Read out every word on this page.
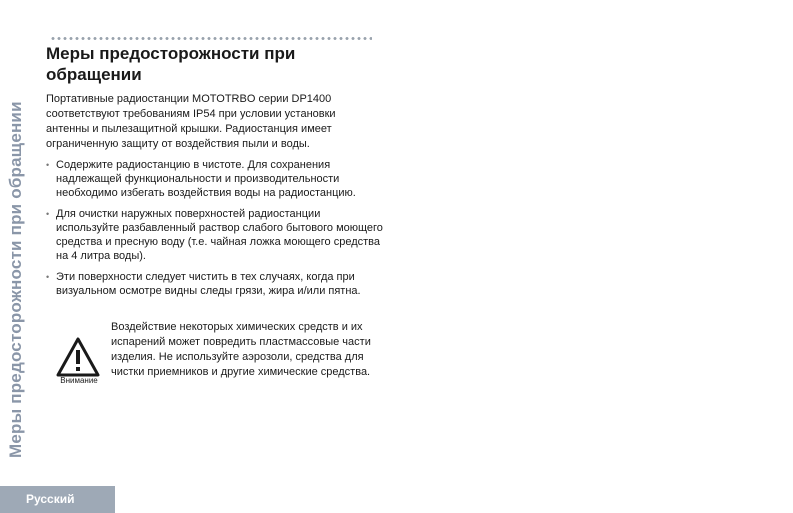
Меры предосторожности при обращении
Меры предосторожности при обращении

Портативные радиостанции MOTOTRBO серии DP1400 соответствуют требованиям IP54 при условии установки антенны и пылезащитной крышки. Радиостанция имеет ограниченную защиту от воздействия пыли и воды.

• Содержите радиостанцию в чистоте. Для сохранения надлежащей функциональности и производительности необходимо избегать воздействия воды на радиостанцию.
• Для очистки наружных поверхностей радиостанции используйте разбавленный раствор слабого бытового моющего средства и пресную воду (т.е. чайная ложка моющего средства на 4 литра воды).
• Эти поверхности следует чистить в тех случаях, когда при визуальном осмотре видны следы грязи, жира и/или пятна.
Внимание

Воздействие некоторых химических средств и их испарений может повредить пластмассовые части изделия. Не используйте аэрозоли, средства для чистки приемников и другие химические средства.

Русский
